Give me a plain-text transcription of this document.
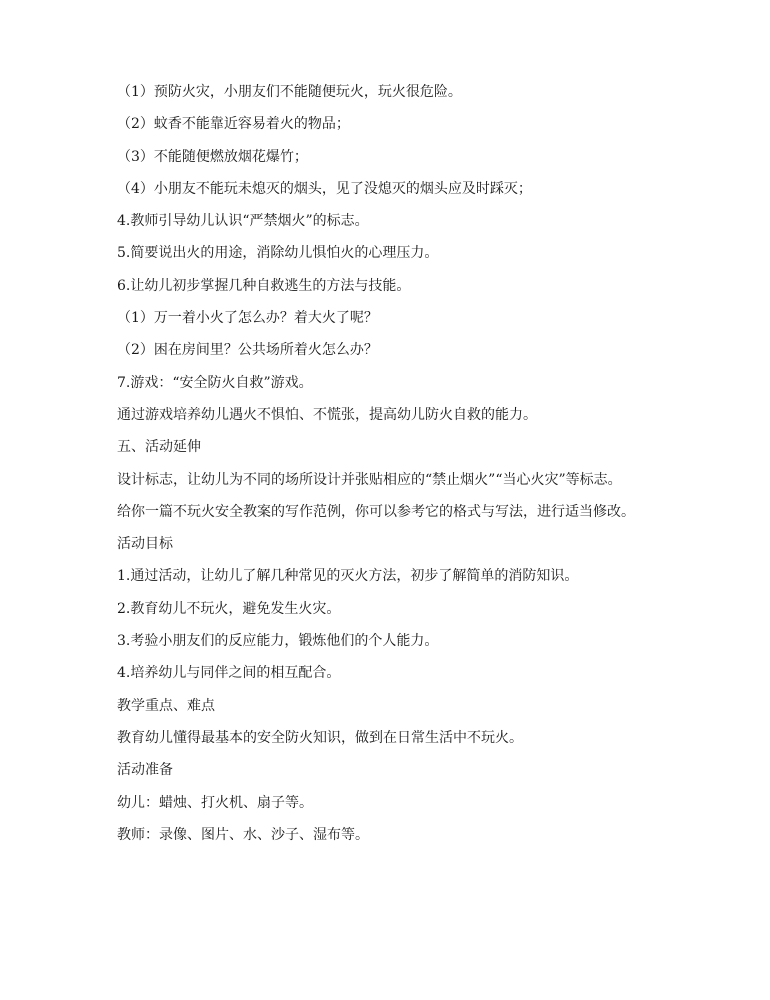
（1）预防火灾，小朋友们不能随便玩火，玩火很危险。

（2）蚊香不能靠近容易着火的物品；

（3）不能随便燃放烟花爆竹；

（4）小朋友不能玩未熄灭的烟头，见了没熄灭的烟头应及时踩灭；

4.教师引导幼儿认识“严禁烟火”的标志。

5.简要说出火的用途，消除幼儿惧怕火的心理压力。

6.让幼儿初步掌握几种自救逃生的方法与技能。

（1）万一着小火了怎么办？着大火了呢？

（2）困在房间里？公共场所着火怎么办？

7.游戏：“安全防火自救”游戏。

通过游戏培养幼儿遇火不惧怕、不慌张，提高幼儿防火自救的能力。

五、活动延伸

设计标志，让幼儿为不同的场所设计并张贴相应的“禁止烟火”“当心火灾”等标志。

给你一篇不玩火安全教案的写作范例，你可以参考它的格式与写法，进行适当修改。

活动目标

1.通过活动，让幼儿了解几种常见的灭火方法，初步了解简单的消防知识。

2.教育幼儿不玩火，避免发生火灾。

3.考验小朋友们的反应能力，锻炼他们的个人能力。

4.培养幼儿与同伴之间的相互配合。

教学重点、难点

教育幼儿懂得最基本的安全防火知识，做到在日常生活中不玩火。

活动准备

幼儿：蜡烛、打火机、扇子等。

教师：录像、图片、水、沙子、湿布等。
